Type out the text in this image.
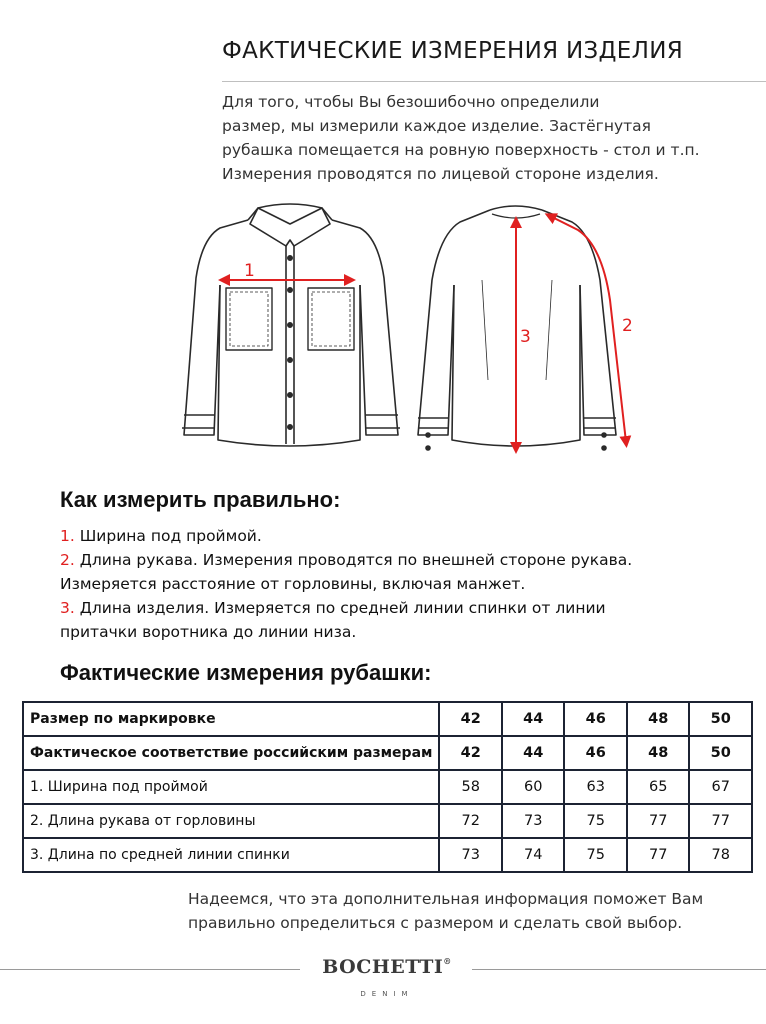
ФАКТИЧЕСКИЕ ИЗМЕРЕНИЯ ИЗДЕЛИЯ
Для того, чтобы Вы безошибочно определили
размер, мы измерили каждое изделие. Застёгнутая
рубашка помещается на ровную поверхность - стол и т.п.
Измерения проводятся по лицевой стороне изделия.
1
3
2
Как измерить правильно:
1. Ширина под проймой.
2. Длина рукава. Измерения проводятся по внешней стороне рукава.
Измеряется расстояние от горловины, включая манжет.
3. Длина изделия. Измеряется по средней линии спинки от линии
притачки воротника до линии низа.
Фактические измерения рубашки:
Размер по маркировке	42	44	46	48	50
Фактическое соответствие российским размерам	42	44	46	48	50
1. Ширина под проймой	58	60	63	65	67
2. Длина рукава от горловины	72	73	75	77	77
3. Длина по средней линии спинки	73	74	75	77	78
Надеемся, что эта дополнительная информация поможет Вам
правильно определиться с размером и сделать свой выбор.
BOCHETTI®
DENIM
